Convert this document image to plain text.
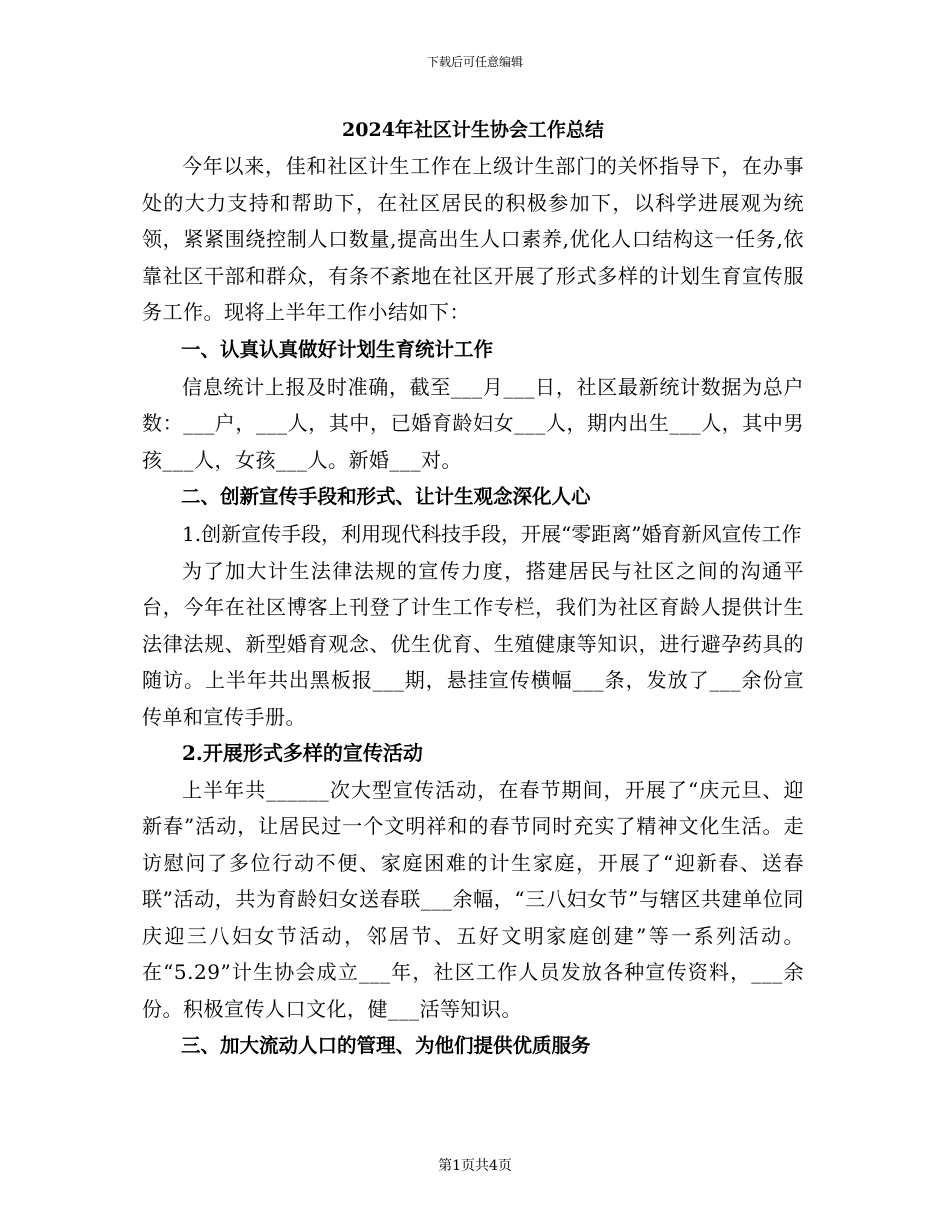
下载后可任意编辑
2024年社区计生协会工作总结

今年以来，佳和社区计生工作在上级计生部门的关怀指导下，在办事处的大力支持和帮助下，在社区居民的积极参加下，以科学进展观为统领，紧紧围绕控制人口数量,提高出生人口素养,优化人口结构这一任务,依靠社区干部和群众，有条不紊地在社区开展了形式多样的计划生育宣传服务工作。现将上半年工作小结如下：

一、认真认真做好计划生育统计工作

信息统计上报及时准确，截至___月___日，社区最新统计数据为总户数：___户，___人，其中，已婚育龄妇女___人，期内出生___人，其中男孩___人，女孩___人。新婚___对。

二、创新宣传手段和形式、让计生观念深化人心

1.创新宣传手段，利用现代科技手段，开展“零距离”婚育新风宣传工作

为了加大计生法律法规的宣传力度，搭建居民与社区之间的沟通平台，今年在社区博客上刊登了计生工作专栏，我们为社区育龄人提供计生法律法规、新型婚育观念、优生优育、生殖健康等知识，进行避孕药具的随访。上半年共出黑板报___期，悬挂宣传横幅___条，发放了___余份宣传单和宣传手册。

2.开展形式多样的宣传活动

上半年共______次大型宣传活动，在春节期间，开展了“庆元旦、迎新春”活动，让居民过一个文明祥和的春节同时充实了精神文化生活。走访慰问了多位行动不便、家庭困难的计生家庭，开展了“迎新春、送春联”活动，共为育龄妇女送春联___余幅，“三八妇女节”与辖区共建单位同庆迎三八妇女节活动，邻居节、五好文明家庭创建”等一系列活动。在“5.29”计生协会成立___年，社区工作人员发放各种宣传资料，___余份。积极宣传人口文化，健___活等知识。

三、加大流动人口的管理、为他们提供优质服务

第1页共4页
